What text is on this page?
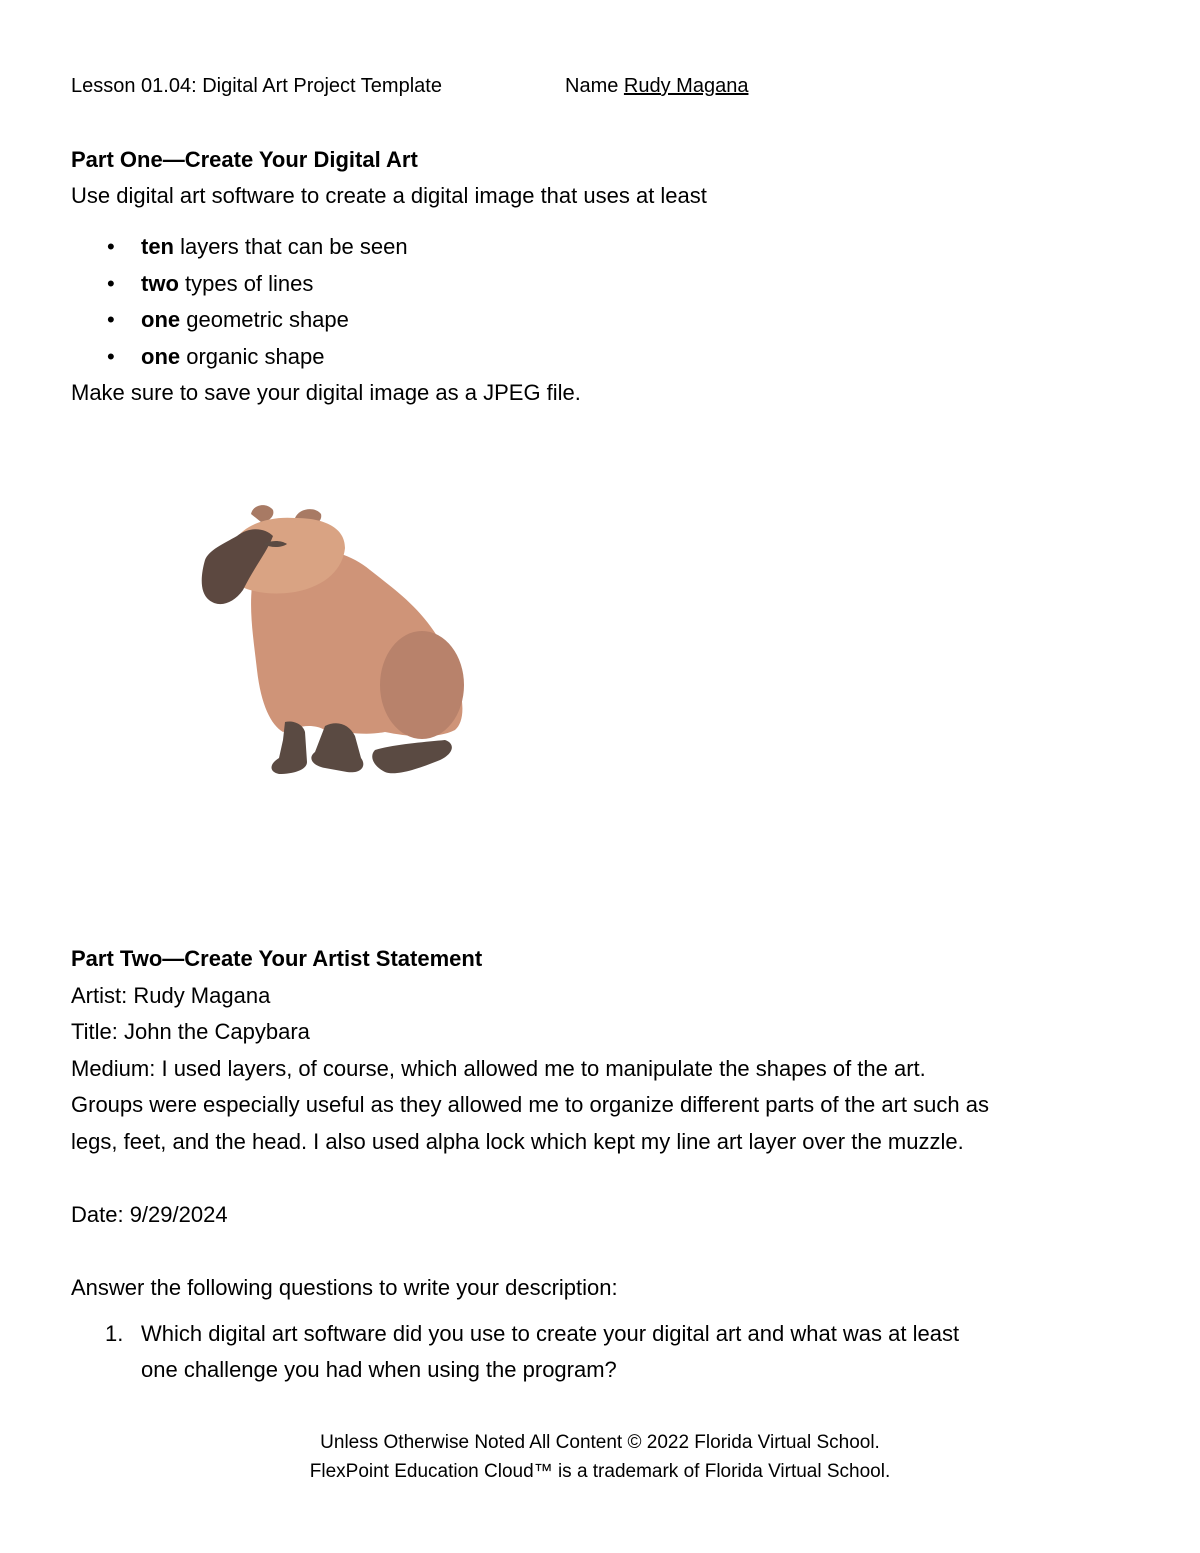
Lesson 01.04: Digital Art Project Template	Name Rudy Magana
Part One—Create Your Digital Art
Use digital art software to create a digital image that uses at least
• ten layers that can be seen
• two types of lines
• one geometric shape
• one organic shape
Make sure to save your digital image as a JPEG file.
Part Two—Create Your Artist Statement
Artist: Rudy Magana
Title: John the Capybara
Medium: I used layers, of course, which allowed me to manipulate the shapes of the art.
Groups were especially useful as they allowed me to organize different parts of the art such as
legs, feet, and the head. I also used alpha lock which kept my line art layer over the muzzle.
Date: 9/29/2024
Answer the following questions to write your description:
1. Which digital art software did you use to create your digital art and what was at least
one challenge you had when using the program?
Unless Otherwise Noted All Content © 2022 Florida Virtual School.
FlexPoint Education Cloud™ is a trademark of Florida Virtual School.
